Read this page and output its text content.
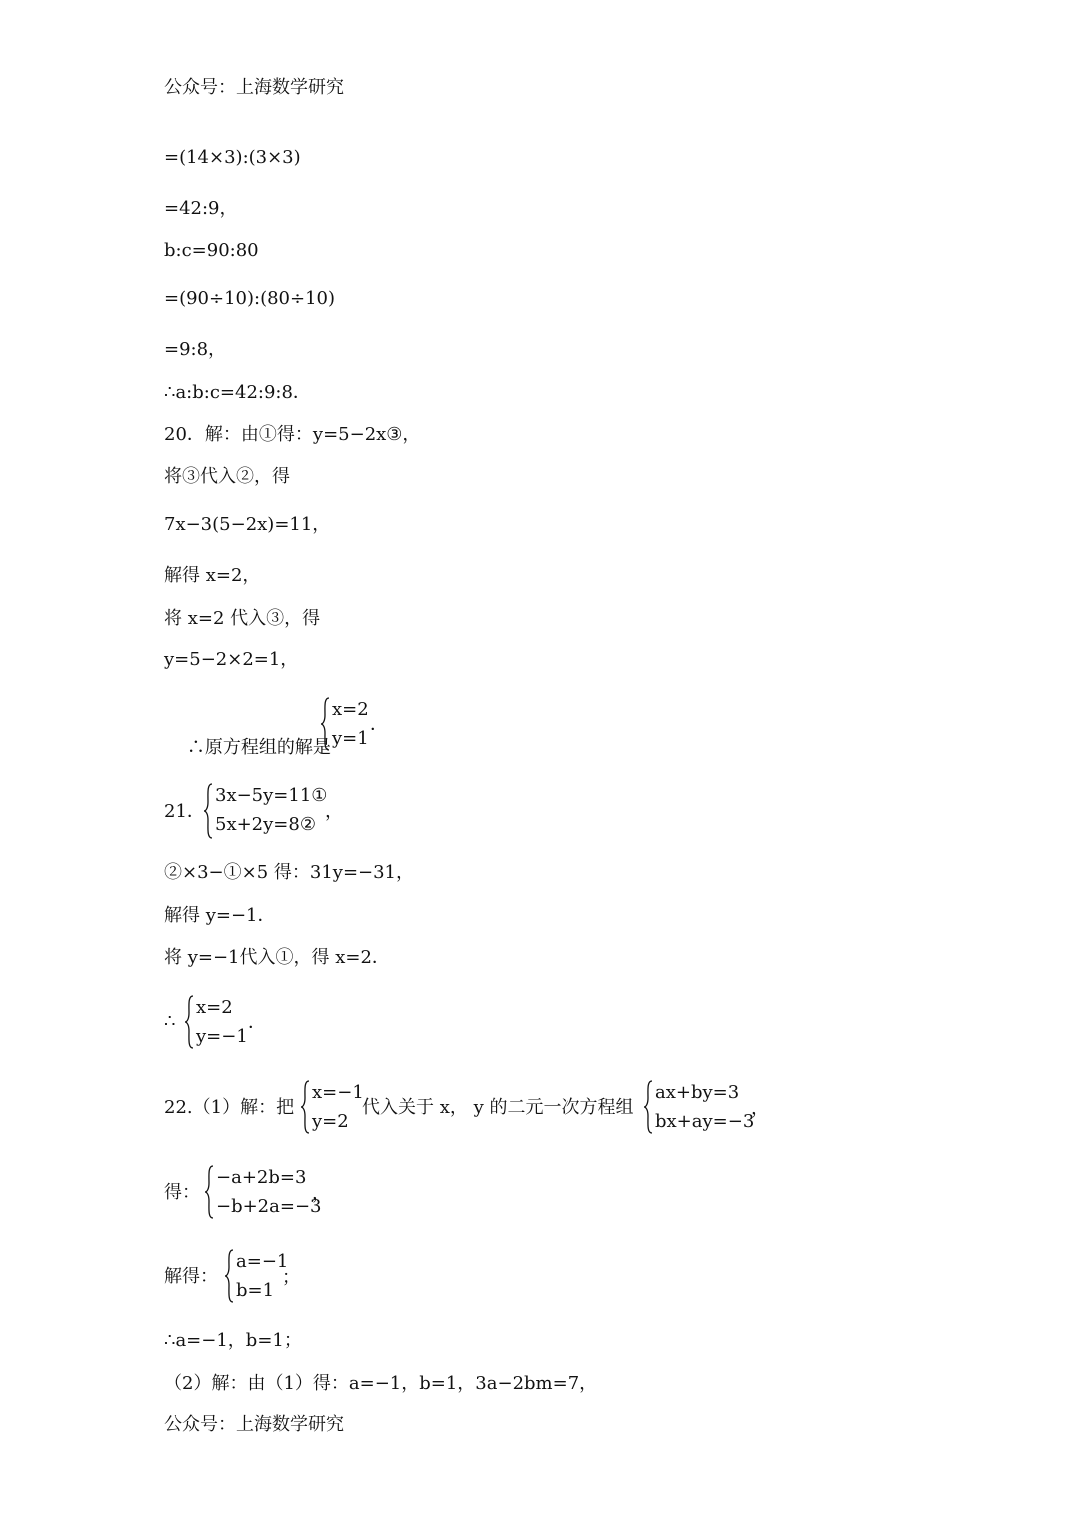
公众号：上海数学研究
=(14×3):(3×3)
=42:9，
b:c=90:80
=(90÷10):(80÷10)
=9:8，
∴a:b:c=42:9:8．
20．解：由①得：y=5−2x③，
将③代入②，得
7x−3(5−2x)=11，
解得 x=2，
将 x=2 代入③，得
y=5−2×2=1，

∴原方程组的解是

x=2

y=1

．

21．

3x−5y=11①

5x+2y=8②

，

②×3−①×5 得：31y=−31，
解得 y=−1．
将 y=−1代入①，得 x=2．
∴

x=2

y=−1

．

22.（1）解：把

x=−1

y=2

代入关于 x， y 的二元一次方程组

ax+by=3

bx+ay=−3

，

得：

−a+2b=3

−b+2a=−3

，

解得：

a=−1

b=1

；

∴a=−1，b=1；
（2）解：由（1）得：a=−1，b=1，3a−2bm=7，
公众号：上海数学研究
